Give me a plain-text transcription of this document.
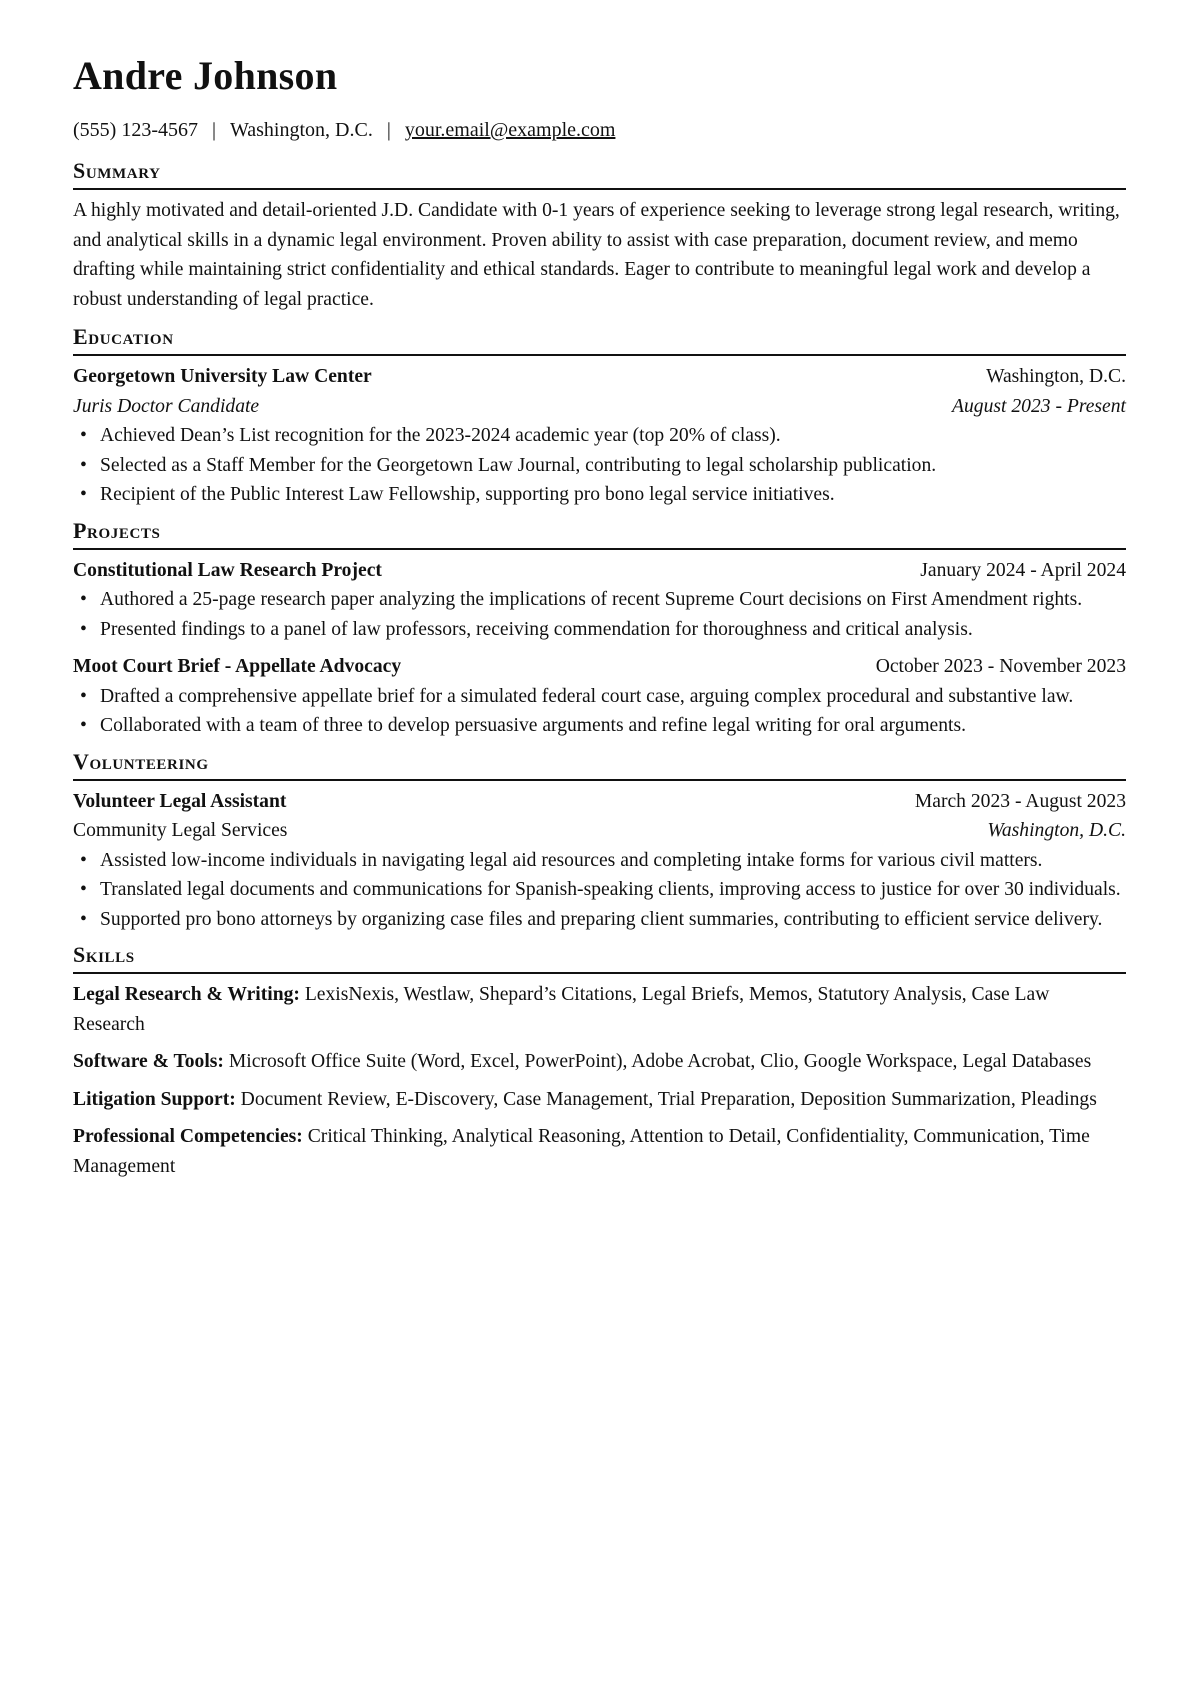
Andre Johnson
(555) 123-4567 | Washington, D.C. | your.email@example.com
Summary

A highly motivated and detail-oriented J.D. Candidate with 0-1 years of experience seeking to leverage strong legal research, writing, and analytical skills in a dynamic legal environment. Proven ability to assist with case preparation, document review, and memo drafting while maintaining strict confidentiality and ethical standards. Eager to contribute to meaningful legal work and develop a robust understanding of legal practice.

Education
Georgetown University Law Center	Washington, D.C.
Juris Doctor Candidate	August 2023 - Present
• Achieved Dean’s List recognition for the 2023-2024 academic year (top 20% of class).
• Selected as a Staff Member for the Georgetown Law Journal, contributing to legal scholarship publication.
• Recipient of the Public Interest Law Fellowship, supporting pro bono legal service initiatives.
Projects
Constitutional Law Research Project	January 2024 - April 2024
• Authored a 25-page research paper analyzing the implications of recent Supreme Court decisions on First Amendment rights.
• Presented findings to a panel of law professors, receiving commendation for thoroughness and critical analysis.
Moot Court Brief - Appellate Advocacy	October 2023 - November 2023
• Drafted a comprehensive appellate brief for a simulated federal court case, arguing complex procedural and substantive law.
• Collaborated with a team of three to develop persuasive arguments and refine legal writing for oral arguments.
Volunteering
Volunteer Legal Assistant	March 2023 - August 2023
Community Legal Services	Washington, D.C.
• Assisted low-income individuals in navigating legal aid resources and completing intake forms for various civil matters.
• Translated legal documents and communications for Spanish-speaking clients, improving access to justice for over 30 individuals.
• Supported pro bono attorneys by organizing case files and preparing client summaries, contributing to efficient service delivery.
Skills
Legal Research & Writing: LexisNexis, Westlaw, Shepard’s Citations, Legal Briefs, Memos, Statutory Analysis, Case Law Research
Software & Tools: Microsoft Office Suite (Word, Excel, PowerPoint), Adobe Acrobat, Clio, Google Workspace, Legal Databases
Litigation Support: Document Review, E-Discovery, Case Management, Trial Preparation, Deposition Summarization, Pleadings
Professional Competencies: Critical Thinking, Analytical Reasoning, Attention to Detail, Confidentiality, Communication, Time Management
